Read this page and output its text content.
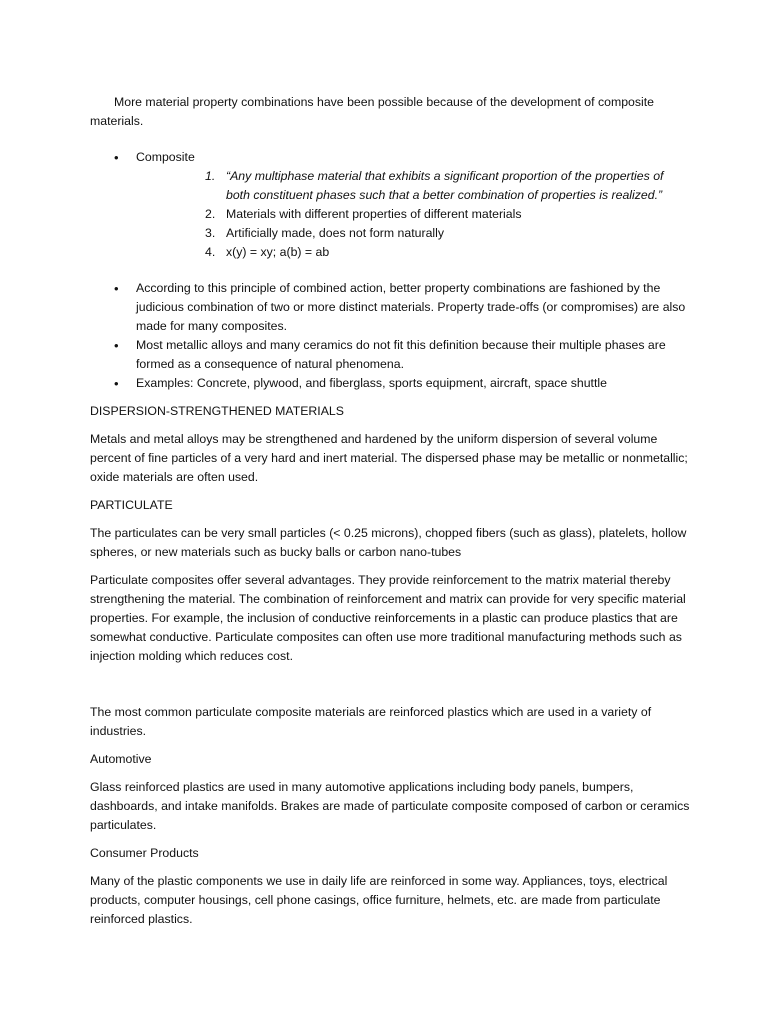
More material property combinations have been possible because of the development of composite materials.

• Composite
1. “Any multiphase material that exhibits a significant proportion of the properties of both constituent phases such that a better combination of properties is realized.”
2. Materials with different properties of different materials
3. Artificially made, does not form naturally
4. x(y) = xy; a(b) = ab
• According to this principle of combined action, better property combinations are fashioned by the judicious combination of two or more distinct materials. Property trade-offs (or compromises) are also made for many composites.
• Most metallic alloys and many ceramics do not fit this definition because their multiple phases are formed as a consequence of natural phenomena.
• Examples: Concrete, plywood, and fiberglass, sports equipment, aircraft, space shuttle

DISPERSION-STRENGTHENED MATERIALS

Metals and metal alloys may be strengthened and hardened by the uniform dispersion of several volume percent of fine particles of a very hard and inert material. The dispersed phase may be metallic or nonmetallic; oxide materials are often used.

PARTICULATE

The particulates can be very small particles (< 0.25 microns), chopped fibers (such as glass), platelets, hollow spheres, or new materials such as bucky balls or carbon nano-tubes

Particulate composites offer several advantages. They provide reinforcement to the matrix material thereby strengthening the material. The combination of reinforcement and matrix can provide for very specific material properties. For example, the inclusion of conductive reinforcements in a plastic can produce plastics that are somewhat conductive. Particulate composites can often use more traditional manufacturing methods such as injection molding which reduces cost.

The most common particulate composite materials are reinforced plastics which are used in a variety of industries.

Automotive

Glass reinforced plastics are used in many automotive applications including body panels, bumpers, dashboards, and intake manifolds. Brakes are made of particulate composite composed of carbon or ceramics particulates.

Consumer Products

Many of the plastic components we use in daily life are reinforced in some way. Appliances, toys, electrical products, computer housings, cell phone casings, office furniture, helmets, etc. are made from particulate reinforced plastics.
